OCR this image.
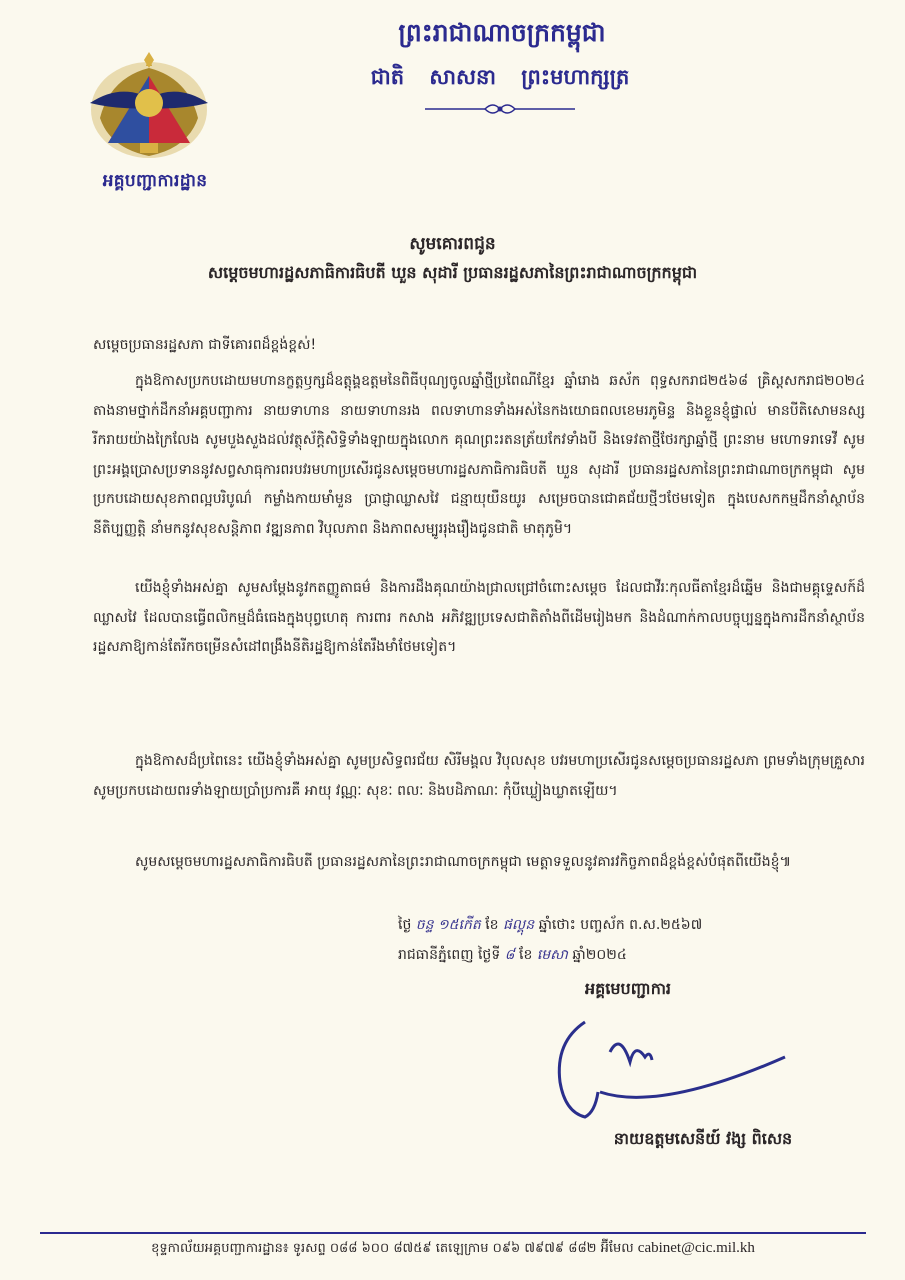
អគ្គបញ្ជាការដ្ឋាន
ព្រះរាជាណាចក្រកម្ពុជា
ជាតិ សាសនា ព្រះមហាក្សត្រ
សូមគោរពជូន
សម្តេចមហារដ្ឋសភាធិការធិបតី ឃួន សុដារី ប្រធានរដ្ឋសភានៃព្រះរាជាណាចក្រកម្ពុជា
សម្តេចប្រធានរដ្ឋសភា ជាទីគោរពដ៏ខ្ពង់ខ្ពស់!
ក្នុងឱកាសប្រកបដោយមហានក្ខត្តឫក្សដ៏ឧត្តុង្គឧត្តមនៃពិធីបុណ្យចូលឆ្នាំថ្មីប្រពៃណីខ្មែរ ឆ្នាំរោង ឆស័ក ពុទ្ធសករាជ២៥៦៨ គ្រិស្តសករាជ២០២៤ តាងនាមថ្នាក់ដឹកនាំអគ្គបញ្ជាការ នាយទាហាន នាយទាហានរង ពលទាហានទាំងអស់នៃកងយោធពលខេមរភូមិន្ទ និងខ្លួនខ្ញុំផ្ទាល់ មានបីតិសោមនស្សរីករាយយ៉ាងក្រៃលែង សូមបួងសួងដល់វត្ថុស័ក្តិសិទ្ធិទាំងឡាយក្នុងលោក គុណព្រះរតនត្រ័យកែវទាំងបី និងទេវតាថ្មីថែរក្សាឆ្នាំថ្មី ព្រះនាម មហោទរាទេវី សូមព្រះអង្គប្រោសប្រទាននូវសព្វសាធុការពរបវរមហាប្រសើរជូនសម្តេចមហារដ្ឋសភាធិការធិបតី ឃួន សុដារី ប្រធានរដ្ឋសភានៃព្រះរាជាណាចក្រកម្ពុជា សូមប្រកបដោយសុខភាពល្អបរិបូណ៌ កម្លាំងកាយមាំមួន ប្រាជ្ញាឈ្លាសវៃ ជន្មាយុយឺនយូរ សម្រេចបានជោគជ័យថ្មីៗថែមទៀត ក្នុងបេសកកម្មដឹកនាំស្ថាប័ននីតិប្បញ្ញត្តិ នាំមកនូវសុខសន្តិភាព វឌ្ឍនភាព វិបុលភាព និងភាពសម្បូររុងរឿងជូនជាតិ មាតុភូមិ។
យើងខ្ញុំទាំងអស់គ្នា សូមសម្តែងនូវកតញ្ញូតាធម៌ និងការដឹងគុណយ៉ាងជ្រាលជ្រៅចំពោះសម្តេច ដែលជាវីរៈកុលធីតាខ្មែរដ៏ឆ្នើម និងជាមគ្គុទ្ទេសក៍ដ៏ឈ្លាសវៃ ដែលបានធ្វើពលិកម្មដ៏ធំធេងក្នុងបុព្វហេតុ ការពារ កសាង អភិវឌ្ឍប្រទេសជាតិតាំងពីដើមរៀងមក និងដំណាក់កាលបច្ចុប្បន្នក្នុងការដឹកនាំស្ថាប័នរដ្ឋសភាឱ្យកាន់តែរីកចម្រើនសំដៅពង្រឹងនីតិរដ្ឋឱ្យកាន់តែរឹងមាំថែមទៀត។
ក្នុងឱកាសដ៏ប្រពៃនេះ យើងខ្ញុំទាំងអស់គ្នា សូមប្រសិទ្ធពរជ័យ សិរីមង្គល វិបុលសុខ បវរមហាប្រសើរជូនសម្តេចប្រធានរដ្ឋសភា ព្រមទាំងក្រុមគ្រួសារ សូមប្រកបដោយពរទាំងឡាយប្រាំប្រការគឺ អាយុ វណ្ណៈ សុខៈ ពលៈ និងបដិភាណៈ កុំបីឃ្លៀងឃ្លាតឡើយ។
សូមសម្តេចមហារដ្ឋសភាធិការធិបតី ប្រធានរដ្ឋសភានៃព្រះរាជាណាចក្រកម្ពុជា មេត្តាទទួលនូវគារវកិច្ចភាពដ៏ខ្ពង់ខ្ពស់បំផុតពីយើងខ្ញុំ៕
ថ្ងៃ ចន្ទ ១៥កើត ខែ ផល្គុន ឆ្នាំថោះ បញ្ចស័ក ព.ស.២៥៦៧
រាជធានីភ្នំពេញ ថ្ងៃទី ៨ ខែ មេសា ឆ្នាំ២០២៤
អគ្គមេបញ្ជាការ
នាយឧត្តមសេនីយ៍ វង្ស ពិសេន
ខុទ្ទកាល័យអគ្គបញ្ជាការដ្ឋាន៖ ទូរសព្ទ ០៨៨ ៦០០ ៨៧៥៩ តេឡេក្រាម ០៩៦ ៧៩៧៩ ៨៨២ អ៊ីមែល cabinet@cic.mil.kh
